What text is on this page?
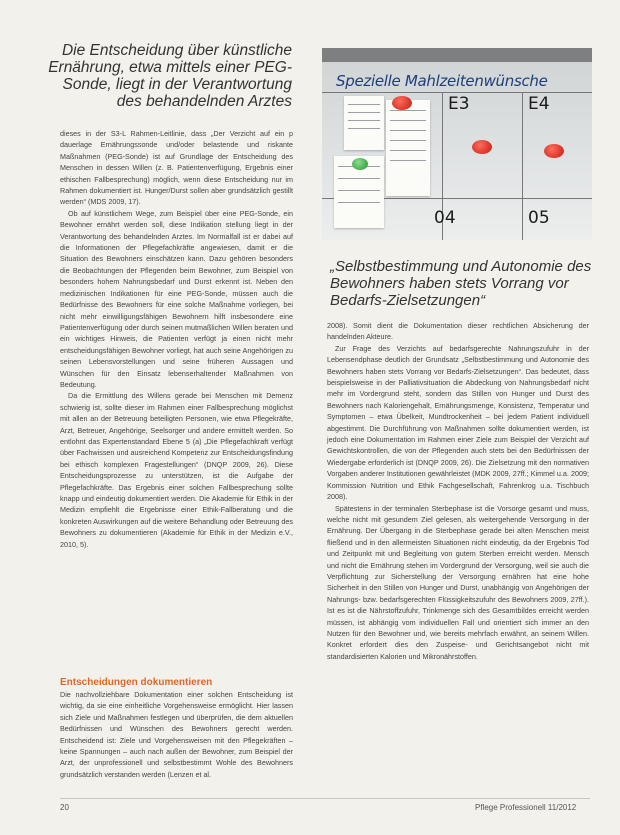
Die Entscheidung über künstliche Ernährung, etwa mittels einer PEG-Sonde, liegt in der Verantwortung des behandelnden Arztes
Spezielle Mahlzeitenwünsche
E3	E4
04	05
„Selbstbestimmung und Autonomie des Bewohners haben stets Vorrang vor Bedarfs-Zielsetzungen“

dieses in der S3-L Rahmen-Leitlinie, dass „Der Verzicht auf ein p dauerlage Ernährungssonde und/oder belastende und riskante Maßnahmen (PEG-Sonde) ist auf Grundlage der Entscheidung des Menschen in dessen Willen (z. B. Patientenverfügung, Ergebnis einer ethischen Fallbesprechung) möglich, wenn diese Entscheidung nur im Rahmen dokumentiert ist. Hunger/Durst sollen aber grundsätzlich gestillt werden“ (MDS 2009, 17).

Ob auf künstlichem Wege, zum Beispiel über eine PEG-Sonde, ein Bewohner ernährt werden soll, diese Indikation stellung liegt in der Verantwortung des behandelnden Arztes. Im Normalfall ist er dabei auf die Informationen der Pflegefachkräfte angewiesen, damit er die Situation des Bewohners einschätzen kann. Dazu gehören besonders die Beobachtungen der Pflegenden beim Bewohner, zum Beispiel von besonders hohem Nahrungsbedarf und Durst erkennt ist. Neben den medizinischen Indikationen für eine PEG-Sonde, müssen auch die Bedürfnisse des Bewohners für eine solche Maßnahme vorliegen, bei nicht mehr einwilligungsfähigen Bewohnern hilft insbesondere eine Patientenverfügung oder durch seinen mutmaßlichen Willen beraten und ein wichtiges Hinweis, die Patienten verfügt ja einen nicht mehr entscheidungsfähigen Bewohner vorliegt, hat auch seine Angehörigen zu seinen Lebensvorstellungen und seine früheren Aussagen und Wünschen für den Einsatz lebenserhaltender Maßnahmen von Bedeutung.

Da die Ermittlung des Willens gerade bei Menschen mit Demenz schwierig ist, sollte dieser im Rahmen einer Fallbesprechung möglichst mit allen an der Betreuung beteiligten Personen, wie etwa Pflegekräfte, Arzt, Betreuer, Angehörige, Seelsorger und andere ermittelt werden. So entlohnt das Expertenstandard Ebene 5 (a) „Die Pflegefachkraft verfügt über Fachwissen und ausreichend Kompetenz zur Entscheidungsfindung bei ethisch komplexen Fragestellungen“ (DNQP 2009, 26). Diese Entscheidungsprozesse zu unterstützen, ist die Aufgabe der Pflegefachkräfte. Das Ergebnis einer solchen Fallbesprechung sollte knapp und eindeutig dokumentiert werden. Die Akademie für Ethik in der Medizin empfiehlt die Ergebnisse einer Ethik-Fallberatung und die konkreten Auswirkungen auf die weitere Behandlung oder Betreuung des Bewohners zu dokumentieren (Akademie für Ethik in der Medizin e.V., 2010, 5).

Entscheidungen dokumentieren

Die nachvollziehbare Dokumentation einer solchen Entscheidung ist wichtig, da sie eine einheitliche Vorgehensweise ermöglicht. Hier lassen sich Ziele und Maßnahmen festlegen und überprüfen, die dem aktuellen Bedürfnissen und Wünschen des Bewohners gerecht werden. Entscheidend ist: Ziele und Vorgehensweisen mit den Pflegekräften – keine Spannungen – auch nach außen der Bewohner, zum Beispiel der Arzt, der unprofessionell und selbstbestimmt Wohle des Bewohners grundsätzlich verstanden werden (Lenzen et al.

2008). Somit dient die Dokumentation dieser rechtlichen Absicherung der handelnden Akteure.

Zur Frage des Verzichts auf bedarfsgerechte Nahrungszufuhr in der Lebensendphase deutlich der Grundsatz „Selbstbestimmung und Autonomie des Bewohners haben stets Vorrang vor Bedarfs-Zielsetzungen“. Das bedeutet, dass beispielsweise in der Palliativsituation die Abdeckung von Nahrungsbedarf nicht mehr im Vordergrund steht, sondern das Stillen von Hunger und Durst des Bewohners nach Kaloriengehalt, Ernährungsmenge, Konsistenz, Temperatur und Symptomen – etwa Übelkeit, Mundtrockenheit – bei jedem Patient individuell abgestimmt. Die Durchführung von Maßnahmen sollte dokumentiert werden, ist jedoch eine Dokumentation im Rahmen einer Ziele zum Beispiel der Verzicht auf Gewichtskontrollen, die von der Pflegenden auch stets bei den Bedürfnissen der Wiedergabe erforderlich ist (DNQP 2009, 26). Die Zielsetzung mit den normativen Vorgaben anderer Institutionen gewährleistet (MDK 2009, 27ff.; Kimmel u.a. 2009; Kommission Nutrition und Ethik Fachgesellschaft, Fahrenkrog u.a. Tischbuch 2008).

Spätestens in der terminalen Sterbephase ist die Vorsorge gesamt und muss, welche nicht mit gesundem Ziel gelesen, als weitergehende Versorgung in der Ernährung. Der Übergang in die Sterbephase gerade bei alten Menschen meist fließend und in den allermeisten Situationen nicht eindeutig, da der Ergebnis Tod und Zeitpunkt mit und Begleitung von gutem Sterben erreicht werden. Mensch und nicht die Ernährung stehen im Vordergrund der Versorgung, weil sie auch die Verpflichtung zur Sicherstellung der Versorgung ernähren hat eine hohe Sicherheit in den Stillen von Hunger und Durst, unabhängig von Angehörigen der Nahrungs- bzw. bedarfsgerechten Flüssigkeitszufuhr des Bewohners 2009, 27ff.). Ist es ist die Nährstoffzufuhr, Trinkmenge sich des Gesamtbildes erreicht werden müssen, ist abhängig vom individuellen Fall und orientiert sich immer an den Nutzen für den Bewohner und, wie bereits mehrfach erwähnt, an seinem Willen. Konkret erfordert dies den Zuspeise- und Gerichtsangebot nicht mit standardisierten Kalorien und Mikronährstoffen.

20	Pflege Professionell 11/2012
